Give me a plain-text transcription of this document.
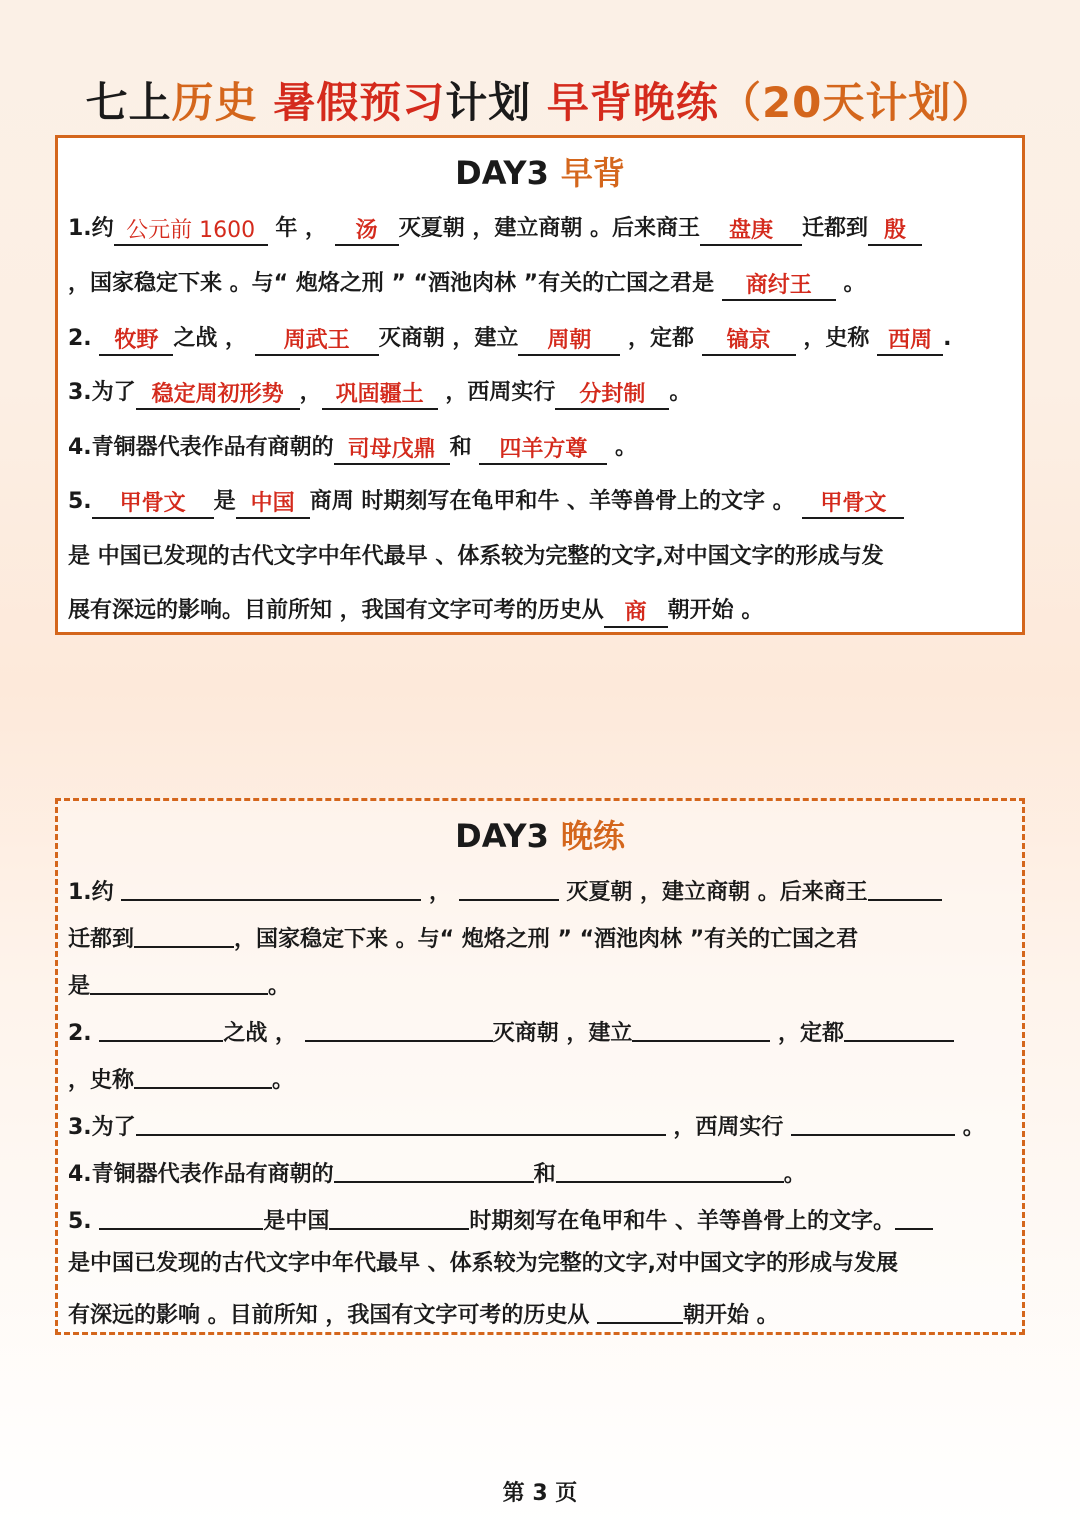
七上历史 暑假预习计划 早背晚练（20天计划）
DAY3 早背
1.约 公元前 1600 年 ， 汤 灭夏朝 ，建立商朝 。后来商王 盘庚 迁都到 殷
，国家稳定下来 。与“ 炮烙之刑 ” “酒池肉林 ”有关的亡国之君是 商纣王 。
2. 牧野 之战 ， 周武王 灭商朝 ，建立 周朝 ，定都 镐京 ，史称 西周 .
3.为了 稳定周初形势 ， 巩固疆土 ，西周实行 分封制 。
4.青铜器代表作品有商朝的 司母戊鼎 和 四羊方尊 。
5. 甲骨文 是 中国 商周 时期刻写在龟甲和牛 、羊等兽骨上的文字 。 甲骨文
是 中国已发现的古代文字中年代最早 、体系较为完整的文字,对中国文字的形成与发
展有深远的影响。目前所知 ，我国有文字可考的历史从 商 朝开始 。
DAY3 晚练
1.约	，	灭夏朝 ，建立商朝 。后来商王
迁都到	，国家稳定下来 。与“ 炮烙之刑 ” “酒池肉林 ”有关的亡国之君
是	。
2.	之战 ，	灭商朝 ，建立	，定都
，史称	。
3.为了	，西周实行	。
4.青铜器代表作品有商朝的	和	。
5.	是中国	时期刻写在龟甲和牛 、羊等兽骨上的文字。
是中国已发现的古代文字中年代最早 、体系较为完整的文字,对中国文字的形成与发展
有深远的影响 。目前所知 ，我国有文字可考的历史从	朝开始 。
第 3 页
